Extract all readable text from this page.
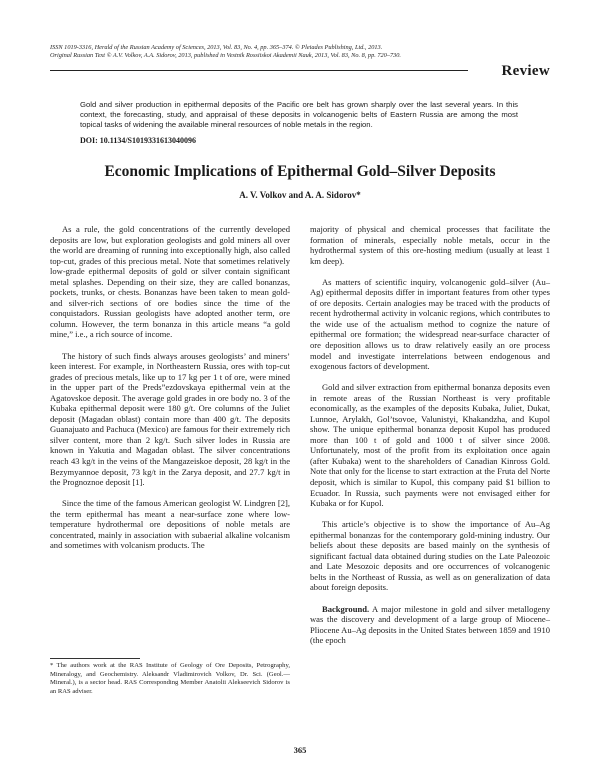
ISSN 1019-3316, Herald of the Russian Academy of Sciences, 2013, Vol. 83, No. 4, pp. 365–374. © Pleiades Publishing, Ltd., 2013.
Original Russian Text © A.V. Volkov, A.A. Sidorov, 2013, published in Vestnik Rossiiskoi Akademii Nauk, 2013, Vol. 83, No. 8, pp. 720–730.
Review
Gold and silver production in epithermal deposits of the Pacific ore belt has grown sharply over the last several years. In this context, the forecasting, study, and appraisal of these deposits in volcanogenic belts of Eastern Russia are among the most topical tasks of widening the available mineral resources of noble metals in the region.
DOI: 10.1134/S1019331613040096
Economic Implications of Epithermal Gold–Silver Deposits
A. V. Volkov and A. A. Sidorov*

As a rule, the gold concentrations of the currently developed deposits are low, but exploration geologists and gold miners all over the world are dreaming of running into exceptionally high, also called top-cut, grades of this precious metal. Note that sometimes relatively low-grade epithermal deposits of gold or silver contain significant metal splashes. Depending on their size, they are called bonanzas, pockets, trunks, or chests. Bonanzas have been taken to mean gold- and silver-rich sections of ore bodies since the time of the conquistadors. Russian geologists have adopted another term, ore column. However, the term bonanza in this article means “a gold mine,” i.e., a rich source of income.

The history of such finds always arouses geologists’ and miners’ keen interest. For example, in Northeastern Russia, ores with top-cut grades of precious metals, like up to 17 kg per 1 t of ore, were mined in the upper part of the Preds”ezdovskaya epithermal vein at the Agatovskoe deposit. The average gold grades in ore body no. 3 of the Kubaka epithermal deposit were 180 g/t. Ore columns of the Juliet deposit (Magadan oblast) contain more than 400 g/t. The deposits Guanajuato and Pachuca (Mexico) are famous for their extremely rich silver content, more than 2 kg/t. Such silver lodes in Russia are known in Yakutia and Magadan oblast. The silver concentrations reach 43 kg/t in the veins of the Mangazeiskoe deposit, 28 kg/t in the Bezymyannoe deposit, 73 kg/t in the Zarya deposit, and 27.7 kg/t in the Prognoznoe deposit [1].

Since the time of the famous American geologist W. Lindgren [2], the term epithermal has meant a near-surface zone where low-temperature hydrothermal ore depositions of noble metals are concentrated, mainly in association with subaerial alkaline volcanism and sometimes with volcanism products. The

* The authors work at the RAS Institute of Geology of Ore Deposits, Petrography, Mineralogy, and Geochemistry. Aleksandr Vladimirovich Volkov, Dr. Sci. (Geol.—Mineral.), is a sector head. RAS Corresponding Member Anatolii Alekseevich Sidorov is an RAS adviser.

majority of physical and chemical processes that facilitate the formation of minerals, especially noble metals, occur in the hydrothermal system of this ore-hosting medium (usually at least 1 km deep).

As matters of scientific inquiry, volcanogenic gold–silver (Au–Ag) epithermal deposits differ in important features from other types of ore deposits. Certain analogies may be traced with the products of recent hydrothermal activity in volcanic regions, which contributes to the wide use of the actualism method to cognize the nature of epithermal ore formation; the widespread near-surface character of ore deposition allows us to draw relatively easily an ore process model and investigate interrelations between endogenous and exogenous factors of development.

Gold and silver extraction from epithermal bonanza deposits even in remote areas of the Russian Northeast is very profitable economically, as the examples of the deposits Kubaka, Juliet, Dukat, Lunnoe, Arylakh, Gol’tsovoe, Valunistyi, Khakandzha, and Kupol show. The unique epithermal bonanza deposit Kupol has produced more than 100 t of gold and 1000 t of silver since 2008. Unfortunately, most of the profit from its exploitation once again (after Kubaka) went to the shareholders of Canadian Kinross Gold. Note that only for the license to start extraction at the Fruta del Norte deposit, which is similar to Kupol, this company paid $1 billion to Ecuador. In Russia, such payments were not envisaged either for Kubaka or for Kupol.

This article’s objective is to show the importance of Au–Ag epithermal bonanzas for the contemporary gold-mining industry. Our beliefs about these deposits are based mainly on the synthesis of significant factual data obtained during studies on the Late Paleozoic and Late Mesozoic deposits and ore occurrences of volcanogenic belts in the Northeast of Russia, as well as on generalization of data about foreign deposits.

Background. A major milestone in gold and silver metallogeny was the discovery and development of a large group of Miocene–Pliocene Au–Ag deposits in the United States between 1859 and 1910 (the epoch

365
